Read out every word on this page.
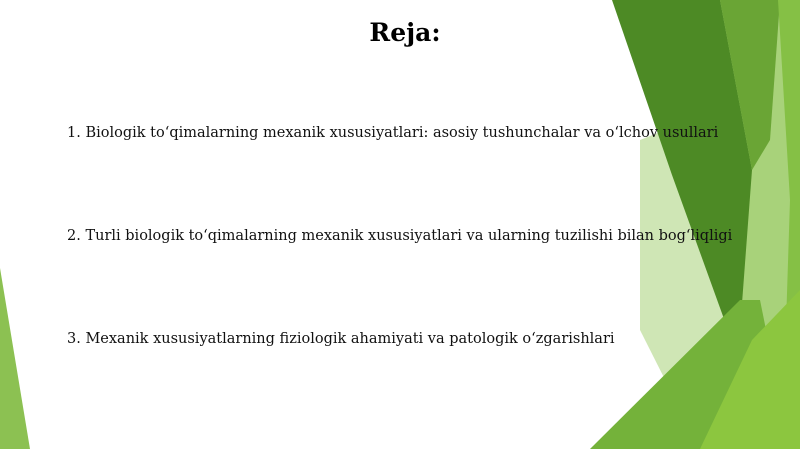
Reja:

1. Biologik to‘qimalarning mexanik xususiyatlari: asosiy tushunchalar va o‘lchov usullari

2. Turli biologik to‘qimalarning mexanik xususiyatlari va ularning tuzilishi bilan bog‘liqligi

3. Mexanik xususiyatlarning fiziologik ahamiyati va patologik o‘zgarishlari
